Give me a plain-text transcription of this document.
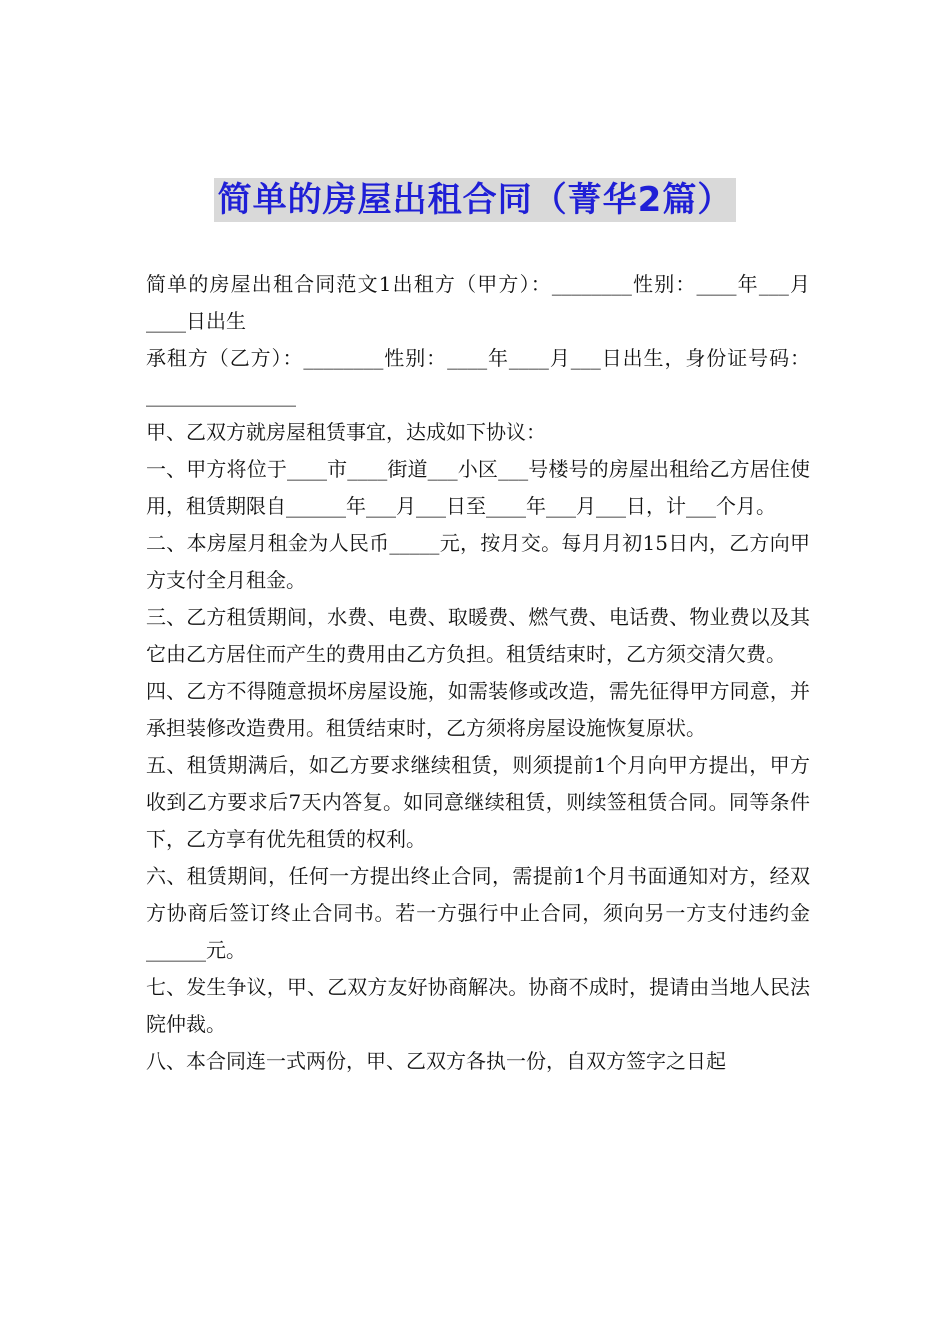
简单的房屋出租合同（菁华2篇）

简单的房屋出租合同范文1出租方（甲方）：________性别：____年___月____日出生

承租方（乙方）：________性别：____年____月___日出生，身份证号码：_______________

甲、乙双方就房屋租赁事宜，达成如下协议：

一、甲方将位于____市____街道___小区___号楼号的房屋出租给乙方居住使用，租赁期限自______年___月___日至____年___月___日，计___个月。

二、本房屋月租金为人民币_____元，按月交。每月月初15日内，乙方向甲方支付全月租金。

三、乙方租赁期间，水费、电费、取暖费、燃气费、电话费、物业费以及其它由乙方居住而产生的费用由乙方负担。租赁结束时，乙方须交清欠费。

四、乙方不得随意损坏房屋设施，如需装修或改造，需先征得甲方同意，并承担装修改造费用。租赁结束时，乙方须将房屋设施恢复原状。

五、租赁期满后，如乙方要求继续租赁，则须提前1个月向甲方提出，甲方收到乙方要求后7天内答复。如同意继续租赁，则续签租赁合同。同等条件下，乙方享有优先租赁的权利。

六、租赁期间，任何一方提出终止合同，需提前1个月书面通知对方，经双方协商后签订终止合同书。若一方强行中止合同，须向另一方支付违约金______元。

七、发生争议，甲、乙双方友好协商解决。协商不成时，提请由当地人民法院仲裁。

八、本合同连一式两份，甲、乙双方各执一份，自双方签字之日起
